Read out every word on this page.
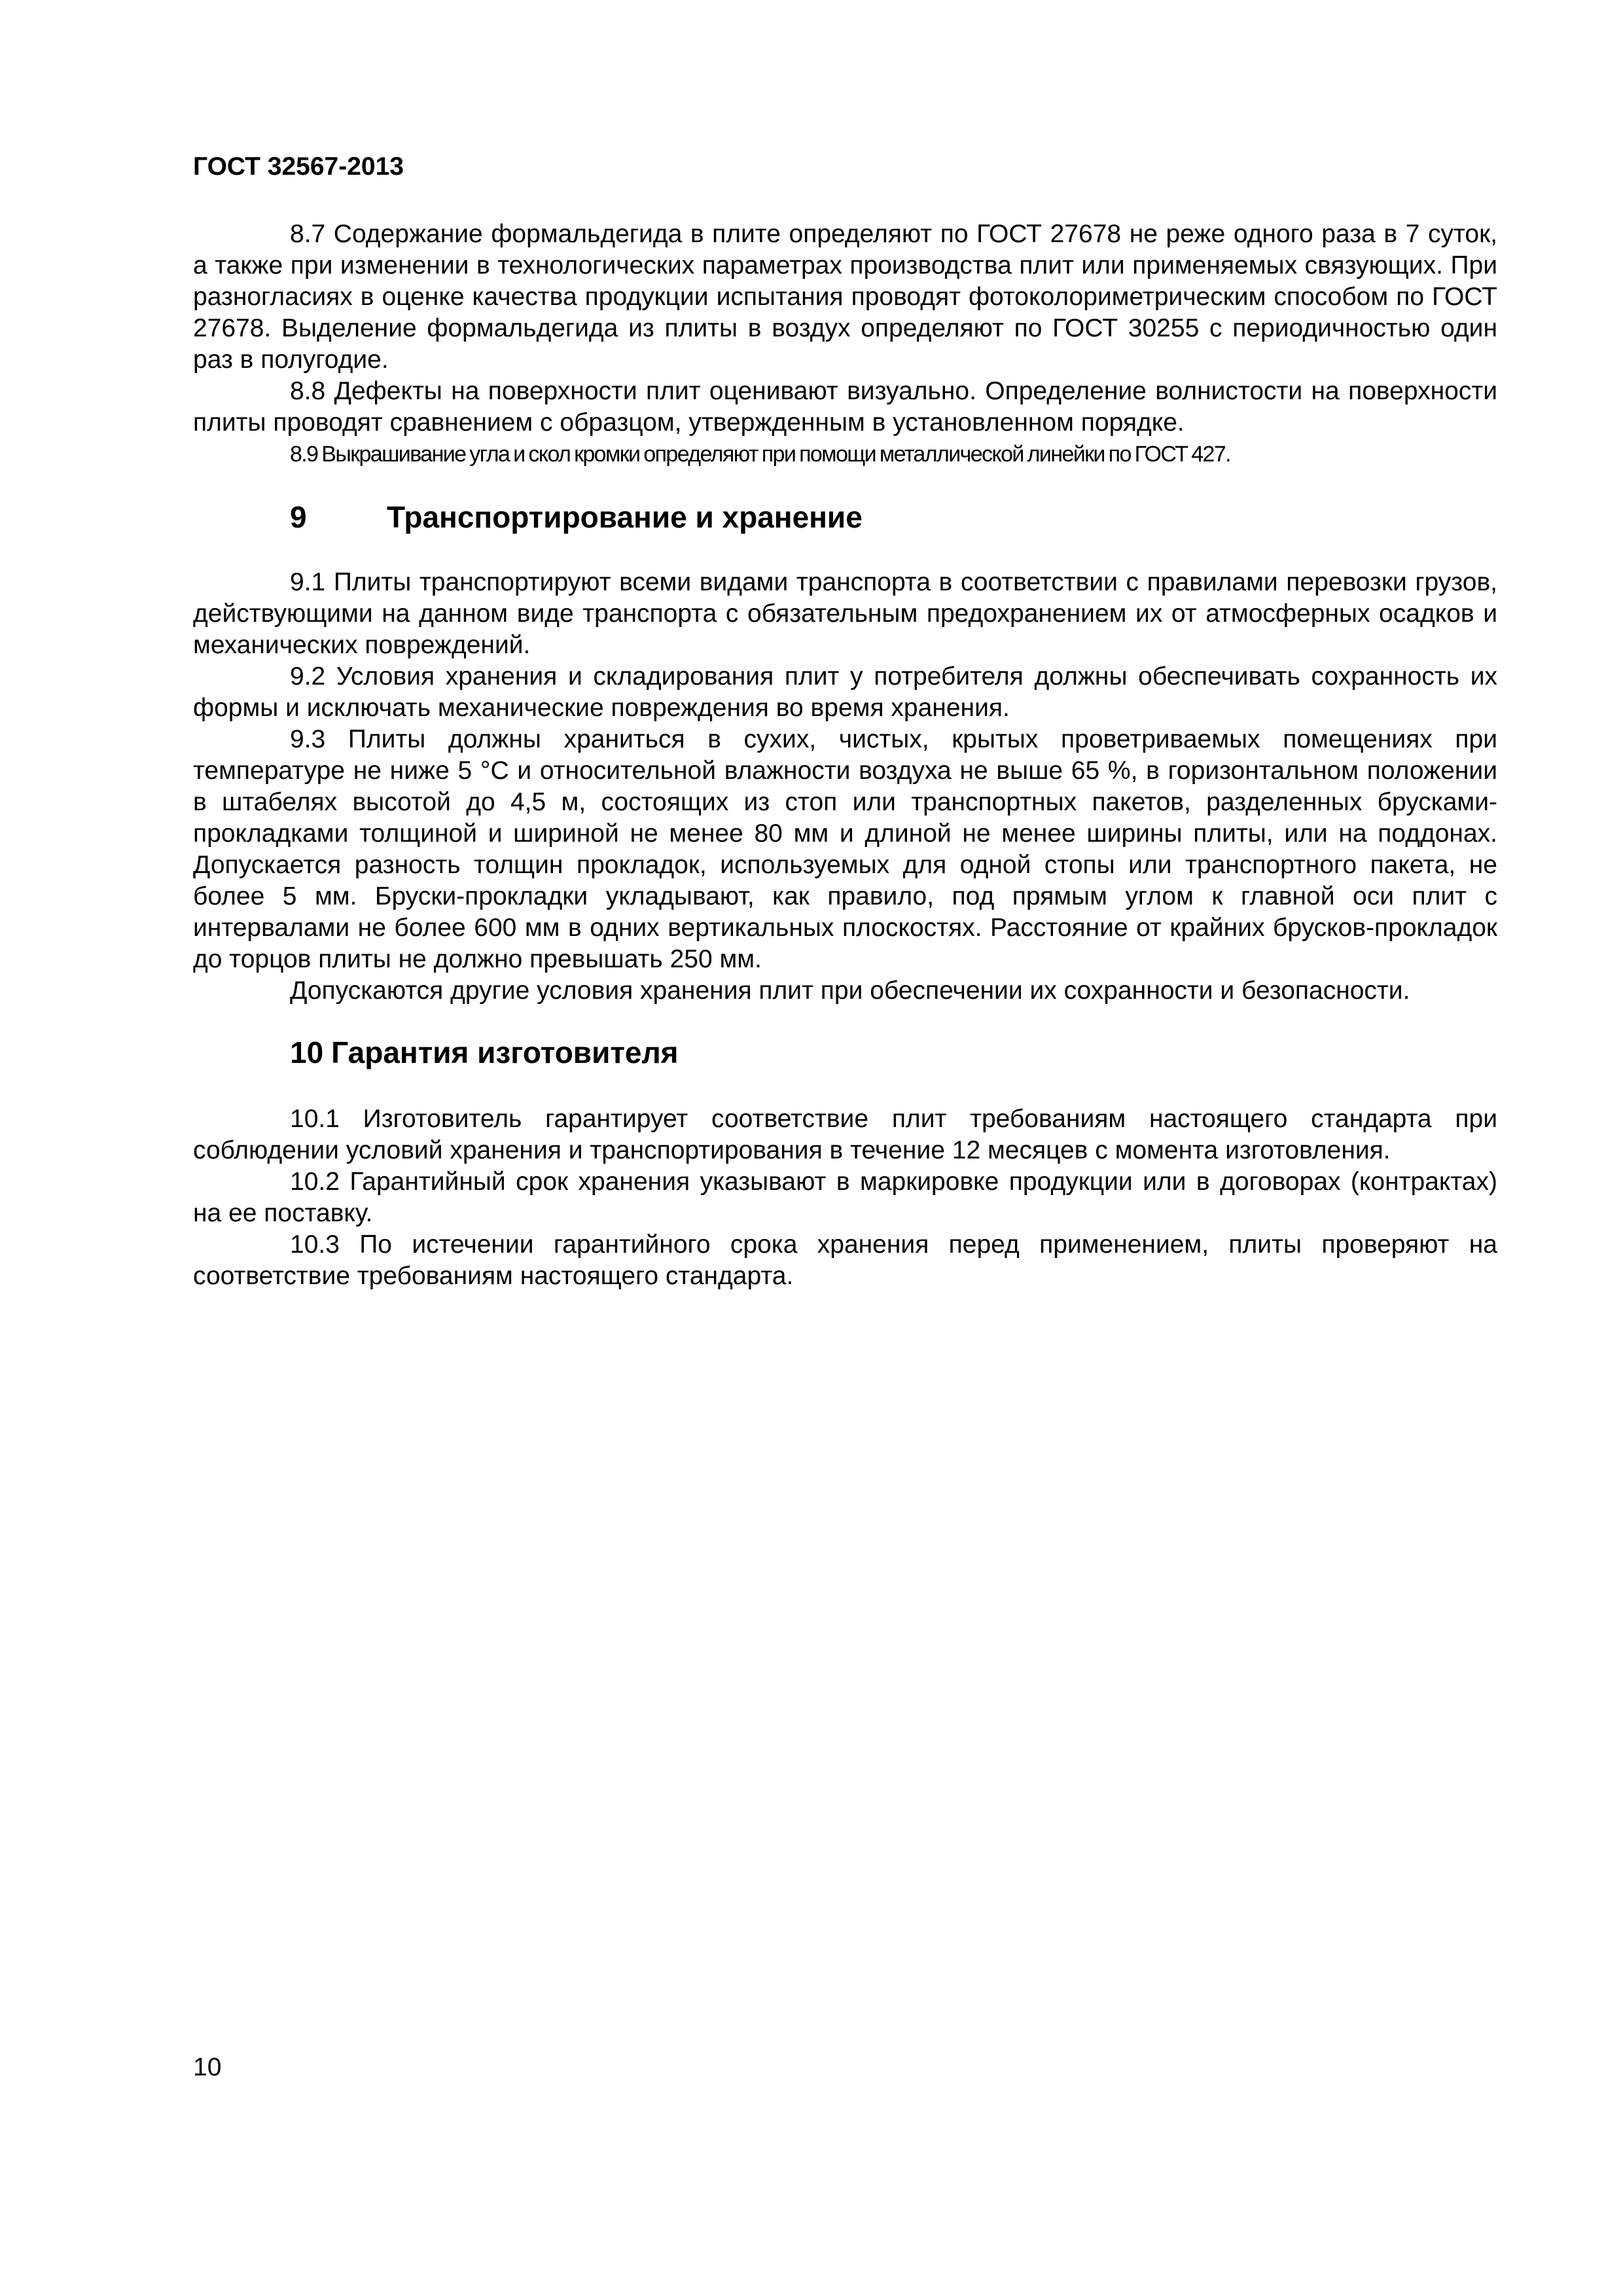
ГОСТ 32567-2013

8.7 Содержание формальдегида в плите определяют по ГОСТ 27678 не реже одного раза в 7 суток, а также при изменении в технологических параметрах производства плит или применяемых связующих. При разногласиях в оценке качества продукции испытания проводят фотоколориметрическим способом по ГОСТ 27678. Выделение формальдегида из плиты в воздух определяют по ГОСТ 30255 с периодичностью один раз в полугодие.

8.8 Дефекты на поверхности плит оценивают визуально. Определение волнистости на поверхности плиты проводят сравнением с образцом, утвержденным в установленном порядке.

8.9 Выкрашивание угла и скол кромки определяют при помощи металлической линейки по ГОСТ 427.

9	Транспортирование и хранение

9.1 Плиты транспортируют всеми видами транспорта в соответствии с правилами перевозки грузов, действующими на данном виде транспорта с обязательным предохранением их от атмосферных осадков и механических повреждений.

9.2 Условия хранения и складирования плит у потребителя должны обеспечивать сохранность их формы и исключать механические повреждения во время хранения.

9.3 Плиты должны храниться в сухих, чистых, крытых проветриваемых помещениях при температуре не ниже 5 °С и относительной влажности воздуха не выше 65 %, в горизонтальном положении в штабелях высотой до 4,5 м, состоящих из стоп или транспортных пакетов, разделенных брусками-прокладками толщиной и шириной не менее 80 мм и длиной не менее ширины плиты, или на поддонах. Допускается разность толщин прокладок, используемых для одной стопы или транспортного пакета, не более 5 мм. Бруски-прокладки укладывают, как правило, под прямым углом к главной оси плит с интервалами не более 600 мм в одних вертикальных плоскостях. Расстояние от крайних брусков-прокладок до торцов плиты не должно превышать 250 мм.

Допускаются другие условия хранения плит при обеспечении их сохранности и безопасности.

10 Гарантия изготовителя

10.1 Изготовитель гарантирует соответствие плит требованиям настоящего стандарта при соблюдении условий хранения и транспортирования в течение 12 месяцев с момента изготовления.

10.2 Гарантийный срок хранения указывают в маркировке продукции или в договорах (контрактах) на ее поставку.

10.3 По истечении гарантийного срока хранения перед применением, плиты проверяют на соответствие требованиям настоящего стандарта.

10
